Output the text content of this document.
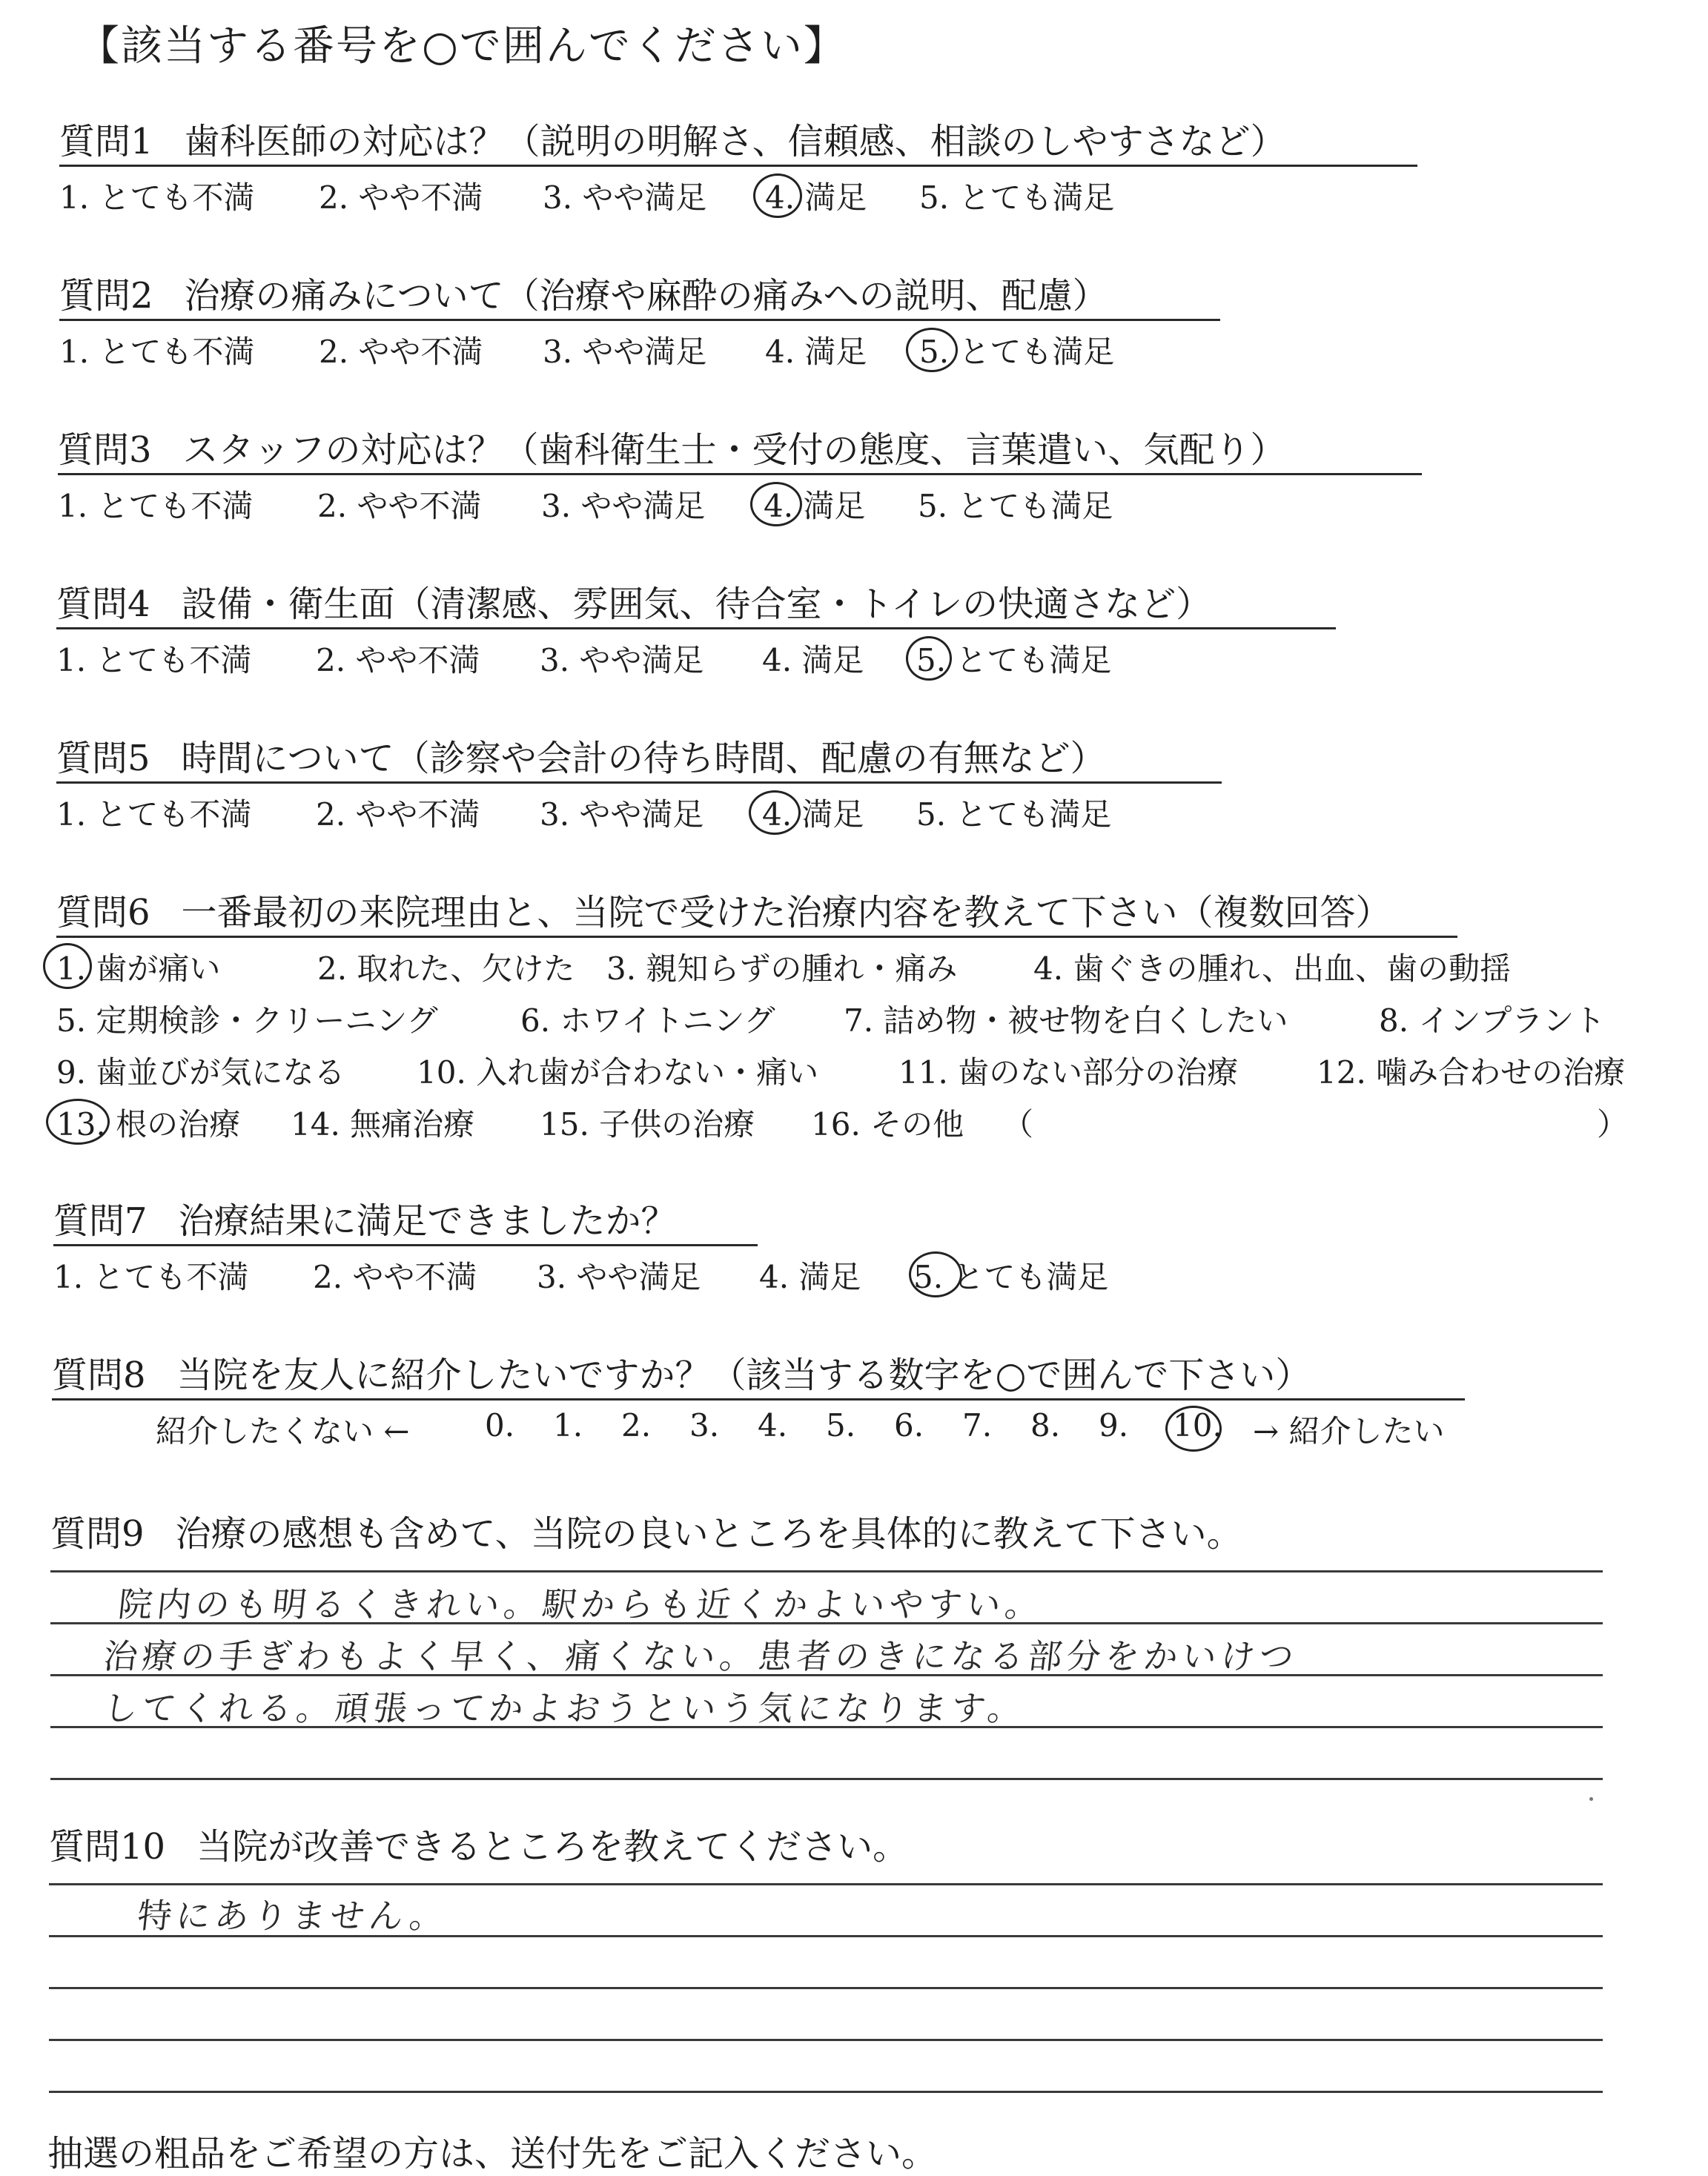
【該当する番号を○で囲んでください】
質問1 歯科医師の対応は？（説明の明解さ、信頼感、相談のしやすさなど）
1. とても不満 2. やや不満 3. やや満足 4. 満足 5. とても満足
質問2 治療の痛みについて（治療や麻酔の痛みへの説明、配慮）
1. とても不満 2. やや不満 3. やや満足 4. 満足 5. とても満足
質問3 スタッフの対応は？（歯科衛生士・受付の態度、言葉遣い、気配り）
1. とても不満 2. やや不満 3. やや満足 4. 満足 5. とても満足
質問4 設備・衛生面（清潔感、雰囲気、待合室・トイレの快適さなど）
1. とても不満 2. やや不満 3. やや満足 4. 満足 5. とても満足
質問5 時間について（診察や会計の待ち時間、配慮の有無など）
1. とても不満 2. やや不満 3. やや満足 4. 満足 5. とても満足
質問6 一番最初の来院理由と、当院で受けた治療内容を教えて下さい（複数回答）
1. 歯が痛い	2. 取れた、欠けた 3. 親知らずの腫れ・痛み 4. 歯ぐきの腫れ、出血、歯の動揺
5. 定期検診・クリーニング	6. ホワイトニング 7. 詰め物・被せ物を白くしたい	8. インプラント
9. 歯並びが気になる 10. 入れ歯が合わない・痛い	11. 歯のない部分の治療	12. 噛み合わせの治療
13. 根の治療 14. 無痛治療 15. 子供の治療 16. その他 （	）
質問7 治療結果に満足できましたか？
1. とても不満 2. やや不満 3. やや満足 4. 満足 5. とても満足
質問8 当院を友人に紹介したいですか？（該当する数字を○で囲んで下さい）
紹介したくない ← 0. 1. 2. 3. 4. 5. 6. 7. 8. 9. 10. → 紹介したい
質問9 治療の感想も含めて、当院の良いところを具体的に教えて下さい。
院内のも明るくきれい。駅からも近くかよいやすい。
治療の手ぎわもよく早く、痛くない。患者のきになる部分をかいけつ
してくれる。頑張ってかよおうという気になります。
質問10 当院が改善できるところを教えてください。
特にありません。
抽選の粗品をご希望の方は、送付先をご記入ください。
